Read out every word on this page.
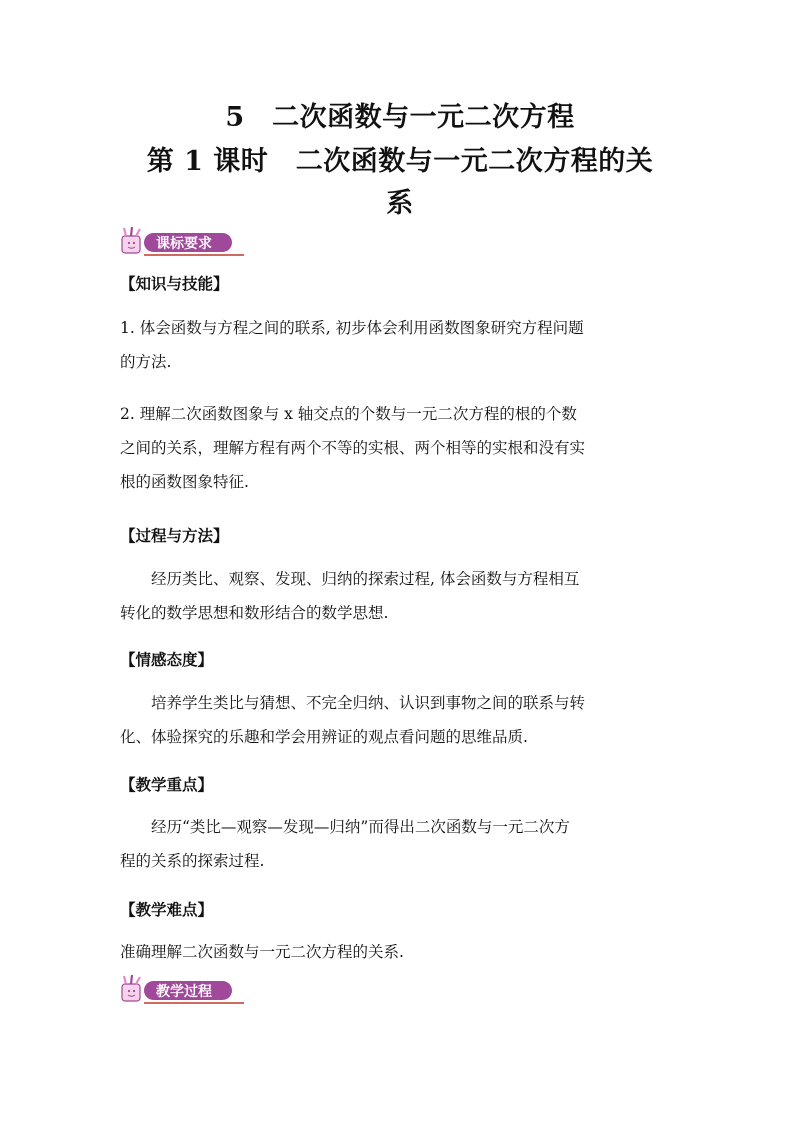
5　二次函数与一元二次方程
第 1 课时　二次函数与一元二次方程的关
系
课标要求
【知识与技能】
1. 体会函数与方程之间的联系, 初步体会利用函数图象研究方程问题
的方法.
2. 理解二次函数图象与 x 轴交点的个数与一元二次方程的根的个数
之间的关系，理解方程有两个不等的实根、两个相等的实根和没有实
根的函数图象特征.
【过程与方法】
经历类比、观察、发现、归纳的探索过程, 体会函数与方程相互
转化的数学思想和数形结合的数学思想.
【情感态度】
培养学生类比与猜想、不完全归纳、认识到事物之间的联系与转
化、体验探究的乐趣和学会用辨证的观点看问题的思维品质.
【教学重点】
经历“类比—观察—发现—归纳”而得出二次函数与一元二次方
程的关系的探索过程.
【教学难点】
准确理解二次函数与一元二次方程的关系.
教学过程
